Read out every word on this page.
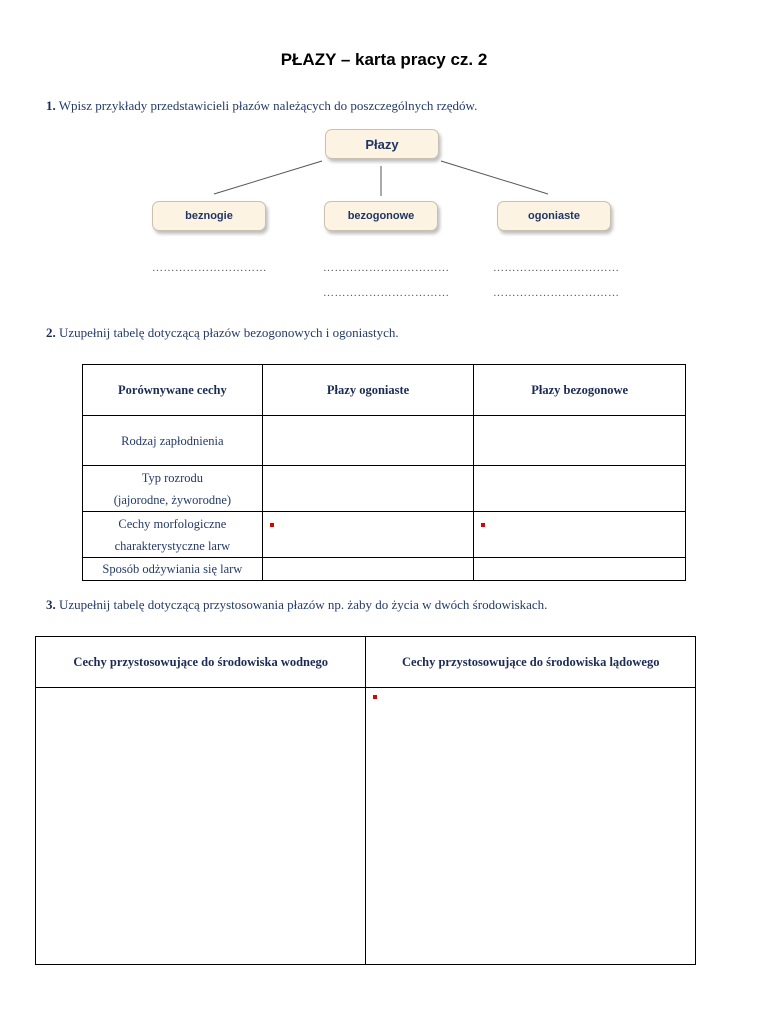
PŁAZY – karta pracy cz. 2
1. Wpisz przykłady przedstawicieli płazów należących do poszczególnych rzędów.
Płazy
beznogie	bezogonowe	ogoniaste
…………………………	……………………………
……………………………
……………………………
……………………………
2. Uzupełnij tabelę dotyczącą płazów bezogonowych i ogoniastych.
Porównywane cechy	Płazy ogoniaste	Płazy bezogonowe
Rodzaj zapłodnienia		

Typ rozrodu
(jajorodne, żyworodne)		

Cechy morfologiczne
charakterystyczne larw		

Sposób odżywiania się larw		
3. Uzupełnij tabelę dotyczącą przystosowania płazów np. żaby do życia w dwóch środowiskach.
Cechy przystosowujące do środowiska wodnego	Cechy przystosowujące do środowiska lądowego
